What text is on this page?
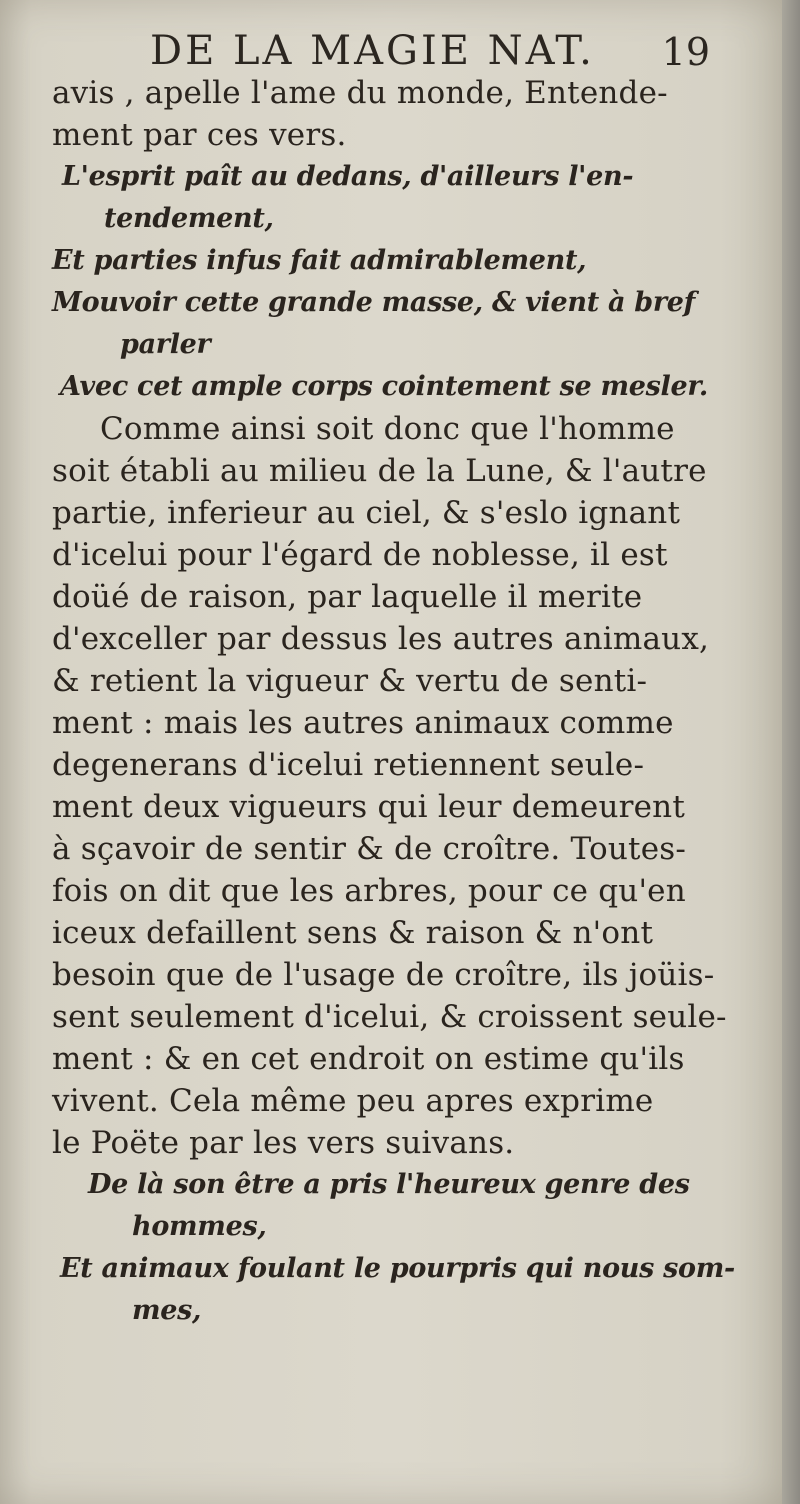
DE LA MAGIE NAT. 19
avis , apelle l'ame du monde, Entende-
ment par ces vers.
L'esprit paît au dedans, d'ailleurs l'en-
tendement,
Et parties infus fait admirablement,
Mouvoir cette grande masse, & vient à bref
parler
Avec cet ample corps cointement se mesler.
Comme ainsi soit donc que l'homme
soit établi au milieu de la Lune, & l'autre
partie, inferieur au ciel, & s'eslo ignant
d'icelui pour l'égard de noblesse, il est
doüé de raison, par laquelle il merite
d'exceller par dessus les autres animaux,
& retient la vigueur & vertu de senti-
ment : mais les autres animaux comme
degenerans d'icelui retiennent seule-
ment deux vigueurs qui leur demeurent
à sçavoir de sentir & de croître. Toutes-
fois on dit que les arbres, pour ce qu'en
iceux defaillent sens & raison & n'ont
besoin que de l'usage de croître, ils joüis-
sent seulement d'icelui, & croissent seule-
ment : & en cet endroit on estime qu'ils
vivent. Cela même peu apres exprime
le Poëte par les vers suivans.
De là son être a pris l'heureux genre des
hommes,
Et animaux foulant le pourpris qui nous som-
mes,
